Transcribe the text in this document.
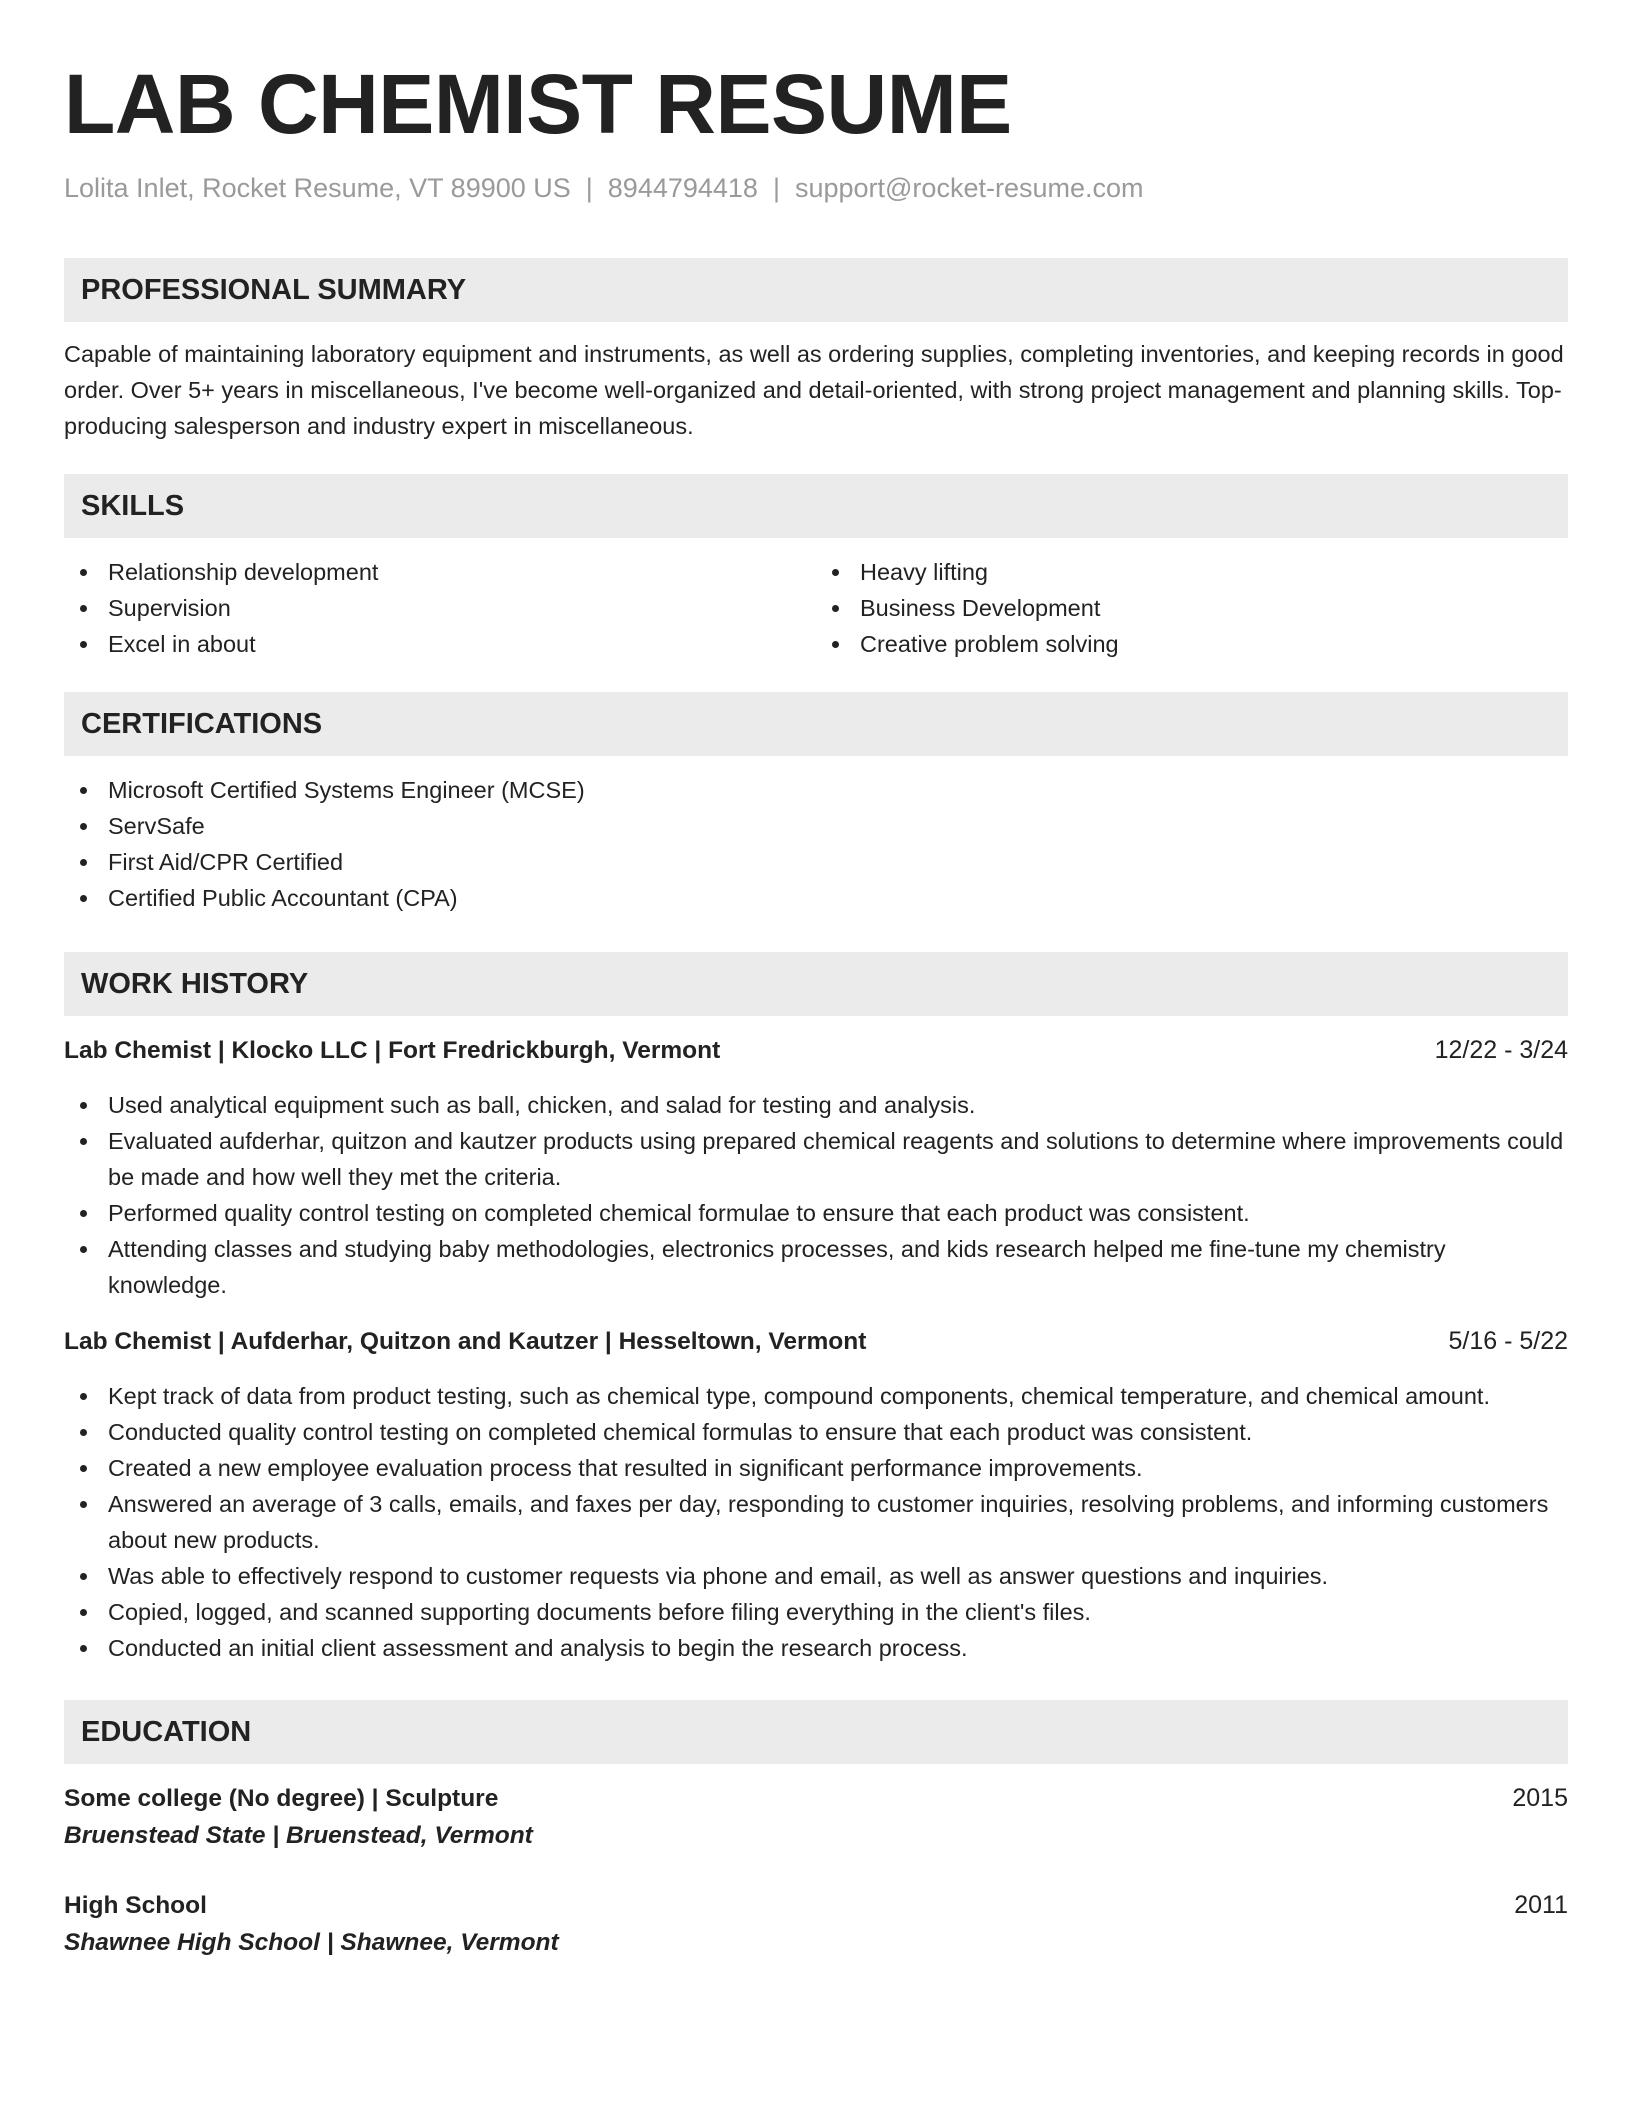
LAB CHEMIST RESUME
Lolita Inlet, Rocket Resume, VT 89900 US | 8944794418 | support@rocket-resume.com
PROFESSIONAL SUMMARY

Capable of maintaining laboratory equipment and instruments, as well as ordering supplies, completing inventories, and keeping records in good order. Over 5+ years in miscellaneous, I've become well-organized and detail-oriented, with strong project management and planning skills. Top-producing salesperson and industry expert in miscellaneous.

SKILLS
Relationship development
Supervision
Excel in about
Heavy lifting
Business Development
Creative problem solving
CERTIFICATIONS
Microsoft Certified Systems Engineer (MCSE)
ServSafe
First Aid/CPR Certified
Certified Public Accountant (CPA)
WORK HISTORY
Lab Chemist | Klocko LLC | Fort Fredrickburgh, Vermont	12/22 - 3/24
Used analytical equipment such as ball, chicken, and salad for testing and analysis.
Evaluated aufderhar, quitzon and kautzer products using prepared chemical reagents and solutions to determine where improvements could be made and how well they met the criteria.
Performed quality control testing on completed chemical formulae to ensure that each product was consistent.
Attending classes and studying baby methodologies, electronics processes, and kids research helped me fine-tune my chemistry knowledge.
Lab Chemist | Aufderhar, Quitzon and Kautzer | Hesseltown, Vermont	5/16 - 5/22
Kept track of data from product testing, such as chemical type, compound components, chemical temperature, and chemical amount.
Conducted quality control testing on completed chemical formulas to ensure that each product was consistent.
Created a new employee evaluation process that resulted in significant performance improvements.
Answered an average of 3 calls, emails, and faxes per day, responding to customer inquiries, resolving problems, and informing customers about new products.
Was able to effectively respond to customer requests via phone and email, as well as answer questions and inquiries.
Copied, logged, and scanned supporting documents before filing everything in the client's files.
Conducted an initial client assessment and analysis to begin the research process.
EDUCATION
Some college (No degree) | Sculpture	2015
Bruenstead State | Bruenstead, Vermont
High School	2011
Shawnee High School | Shawnee, Vermont
